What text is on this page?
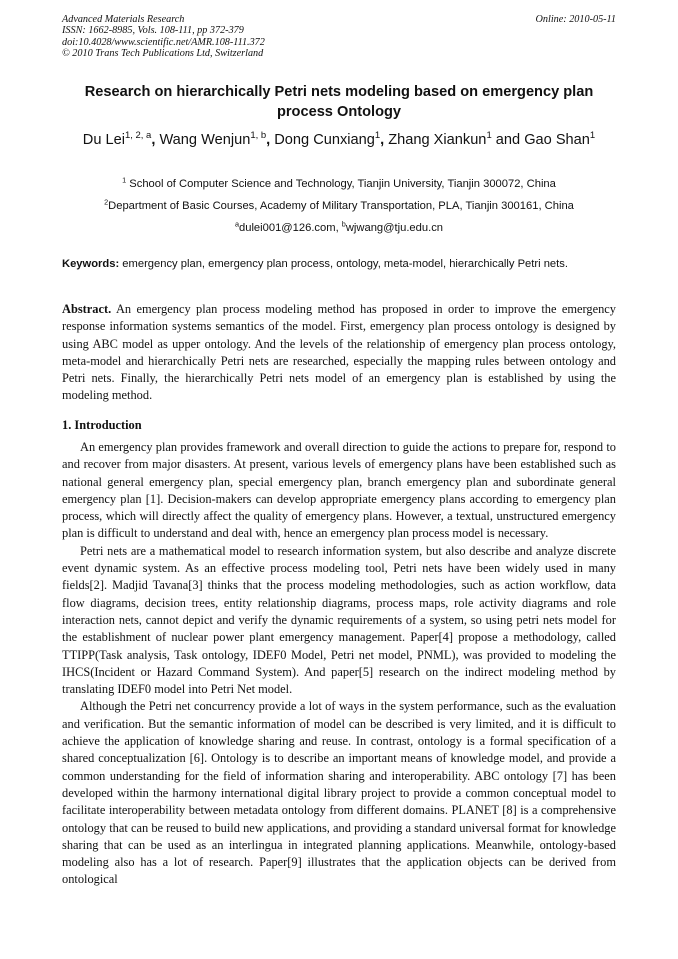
Advanced Materials Research
ISSN: 1662-8985, Vols. 108-111, pp 372-379
doi:10.4028/www.scientific.net/AMR.108-111.372
© 2010 Trans Tech Publications Ltd, Switzerland
Online: 2010-05-11
Research on hierarchically Petri nets modeling based on emergency plan process Ontology
Du Lei$^{1, 2, a}$, Wang Wenjun$^{1, b}$, Dong Cunxiang$^1$, Zhang Xiankun$^1$ and Gao Shan$^1$
$^1$ School of Computer Science and Technology, Tianjin University, Tianjin 300072, China
$^2$Department of Basic Courses, Academy of Military Transportation, PLA, Tianjin 300161, China
$^a$dulei001@126.com, $^b$wjwang@tju.edu.cn
Keywords: emergency plan, emergency plan process, ontology, meta-model, hierarchically Petri nets.
Abstract. An emergency plan process modeling method has proposed in order to improve the emergency response information systems semantics of the model. First, emergency plan process ontology is designed by using ABC model as upper ontology. And the levels of the relationship of emergency plan process ontology, meta-model and hierarchically Petri nets are researched, especially the mapping rules between ontology and Petri nets. Finally, the hierarchically Petri nets model of an emergency plan is established by using the modeling method.
1. Introduction

An emergency plan provides framework and overall direction to guide the actions to prepare for, respond to and recover from major disasters. At present, various levels of emergency plans have been established such as national general emergency plan, special emergency plan, branch emergency plan and subordinate general emergency plan [1]. Decision-makers can develop appropriate emergency plans according to emergency plan process, which will directly affect the quality of emergency plans. However, a textual, unstructured emergency plan is difficult to understand and deal with, hence an emergency plan process model is necessary.

Petri nets are a mathematical model to research information system, but also describe and analyze discrete event dynamic system. As an effective process modeling tool, Petri nets have been widely used in many fields[2]. Madjid Tavana[3] thinks that the process modeling methodologies, such as action workflow, data flow diagrams, decision trees, entity relationship diagrams, process maps, role activity diagrams and role interaction nets, cannot depict and verify the dynamic requirements of a system, so using petri nets model for the establishment of nuclear power plant emergency management. Paper[4] propose a methodology, called TTIPP(Task analysis, Task ontology, IDEF0 Model, Petri net model, PNML), was provided to modeling the IHCS(Incident or Hazard Command System). And paper[5] research on the indirect modeling method by translating IDEF0 model into Petri Net model.

Although the Petri net concurrency provide a lot of ways in the system performance, such as the evaluation and verification. But the semantic information of model can be described is very limited, and it is difficult to achieve the application of knowledge sharing and reuse. In contrast, ontology is a formal specification of a shared conceptualization [6]. Ontology is to describe an important means of knowledge model, and provide a common understanding for the field of information sharing and interoperability. ABC ontology [7] has been developed within the harmony international digital library project to provide a common conceptual model to facilitate interoperability between metadata ontology from different domains. PLANET [8] is a comprehensive ontology that can be reused to build new applications, and providing a standard universal format for knowledge sharing that can be used as an interlingua in integrated planning applications. Meanwhile, ontology-based modeling also has a lot of research. Paper[9] illustrates that the application objects can be derived from ontological
